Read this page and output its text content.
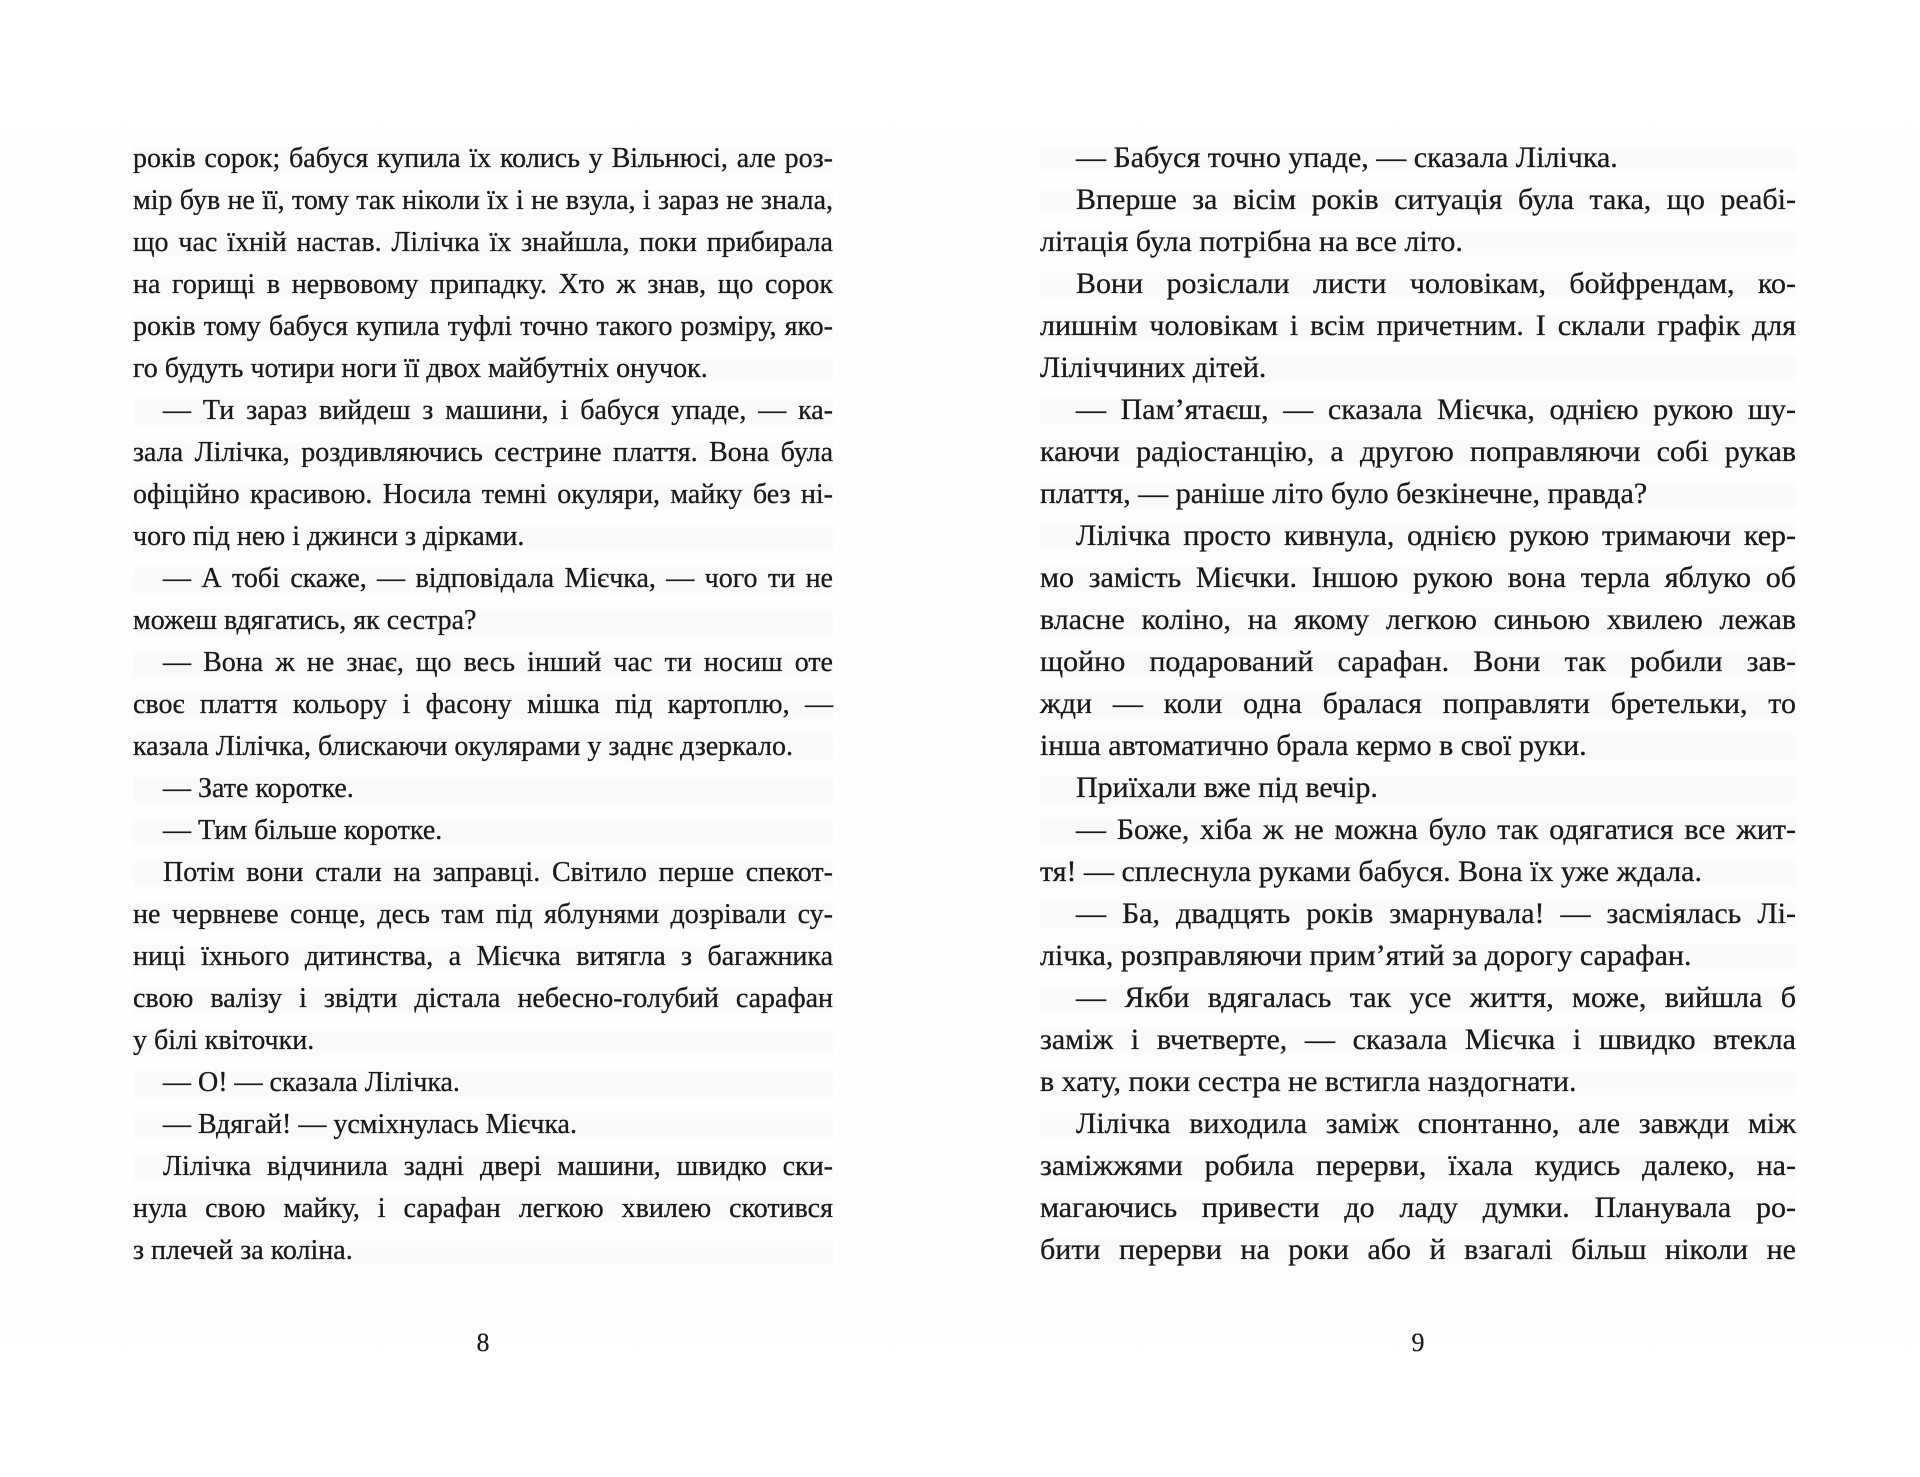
років сорок; бабуся купила їх колись у Вільнюсі, але роз-
мір був не її, тому так ніколи їх і не взула, і зараз не знала,
що час їхній настав. Лілічка їх знайшла, поки прибирала
на горищі в нервовому припадку. Хто ж знав, що сорок
років тому бабуся купила туфлі точно такого розміру, яко-
го будуть чотири ноги її двох майбутніх онучок.
— Ти зараз вийдеш з машини, і бабуся упаде, — ка-
зала Лілічка, роздивляючись сестрине плаття. Вона була
офіційно красивою. Носила темні окуляри, майку без ні-
чого під нею і джинси з дірками.
— А тобі скаже, — відповідала Мієчка, — чого ти не
можеш вдягатись, як сестра?
— Вона ж не знає, що весь інший час ти носиш оте
своє плаття кольору і фасону мішка під картоплю, —
казала Лілічка, блискаючи окулярами у заднє дзеркало.
— Зате коротке.
— Тим більше коротке.
Потім вони стали на заправці. Світило перше спекот-
не червневе сонце, десь там під яблунями дозрівали су-
ниці їхнього дитинства, а Мієчка витягла з багажника
свою валізу і звідти дістала небесно-голубий сарафан
у білі квіточки.
— О! — сказала Лілічка.
— Вдягай! — усміхнулась Мієчка.
Лілічка відчинила задні двері машини, швидко ски-
нула свою майку, і сарафан легкою хвилею скотився
з плечей за коліна.
8
— Бабуся точно упаде, — сказала Лілічка.
Вперше за вісім років ситуація була така, що реабі-
літація була потрібна на все літо.
Вони розіслали листи чоловікам, бойфрендам, ко-
лишнім чоловікам і всім причетним. І склали графік для
Ліліччиних дітей.
— Пам’ятаєш, — сказала Мієчка, однією рукою шу-
каючи радіостанцію, а другою поправляючи собі рукав
плаття, — раніше літо було безкінечне, правда?
Лілічка просто кивнула, однією рукою тримаючи кер-
мо замість Мієчки. Іншою рукою вона терла яблуко об
власне коліно, на якому легкою синьою хвилею лежав
щойно подарований сарафан. Вони так робили зав-
жди — коли одна бралася поправляти бретельки, то
інша автоматично брала кермо в свої руки.
Приїхали вже під вечір.
— Боже, хіба ж не можна було так одягатися все жит-
тя! — сплеснула руками бабуся. Вона їх уже ждала.
— Ба, двадцять років змарнувала! — засміялась Лі-
лічка, розправляючи прим’ятий за дорогу сарафан.
— Якби вдягалась так усе життя, може, вийшла б
заміж і вчетверте, — сказала Мієчка і швидко втекла
в хату, поки сестра не встигла наздогнати.
Лілічка виходила заміж спонтанно, але завжди між
заміжжями робила перерви, їхала кудись далеко, на-
магаючись привести до ладу думки. Планувала ро-
бити перерви на роки або й взагалі більш ніколи не
9
